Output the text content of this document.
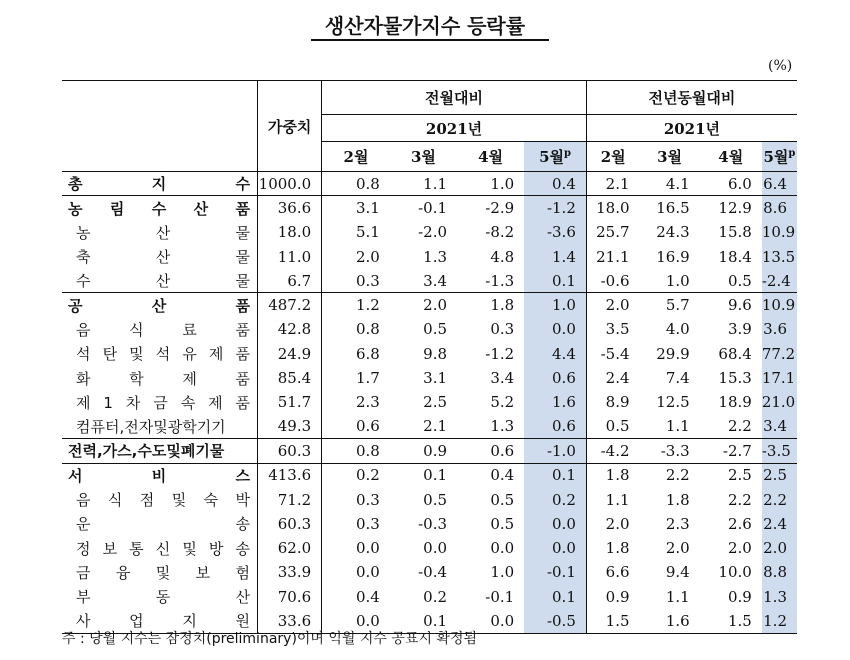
생산자물가지수 등락률
(%)
	가중치	전월대비				전년동월대비			
		2021년				2021년			
		2월	3월	4월	5월$^p$	2월	3월	4월	5월$^p$

총 지 수	1000.0	0.8	1.1	1.0	0.4	2.1	4.1	6.0	6.4

농 림 수 산 품	36.6	3.1	-0.1	-2.9	-1.2	18.0	16.5	12.9	8.6

농 산 물	18.0	5.1	-2.0	-8.2	-3.6	25.7	24.3	15.8	10.9

축 산 물	11.0	2.0	1.3	4.8	1.4	21.1	16.9	18.4	13.5

수 산 물	6.7	0.3	3.4	-1.3	0.1	-0.6	1.0	0.5	-2.4

공 산 품	487.2	1.2	2.0	1.8	1.0	2.0	5.7	9.6	10.9

음 식 료 품	42.8	0.8	0.5	0.3	0.0	3.5	4.0	3.9	3.6

석 탄 및 석 유 제 품	24.9	6.8	9.8	-1.2	4.4	-5.4	29.9	68.4	77.2

화 학 제 품	85.4	1.7	3.1	3.4	0.6	2.4	7.4	15.3	17.1

제 1 차 금 속 제 품	51.7	2.3	2.5	5.2	1.6	8.9	12.5	18.9	21.0

컴퓨터,전자및광학기기	49.3	0.6	2.1	1.3	0.6	0.5	1.1	2.2	3.4

전력,가스,수도및폐기물	60.3	0.8	0.9	0.6	-1.0	-4.2	-3.3	-2.7	-3.5

서 비 스	413.6	0.2	0.1	0.4	0.1	1.8	2.2	2.5	2.5

음 식 점 및 숙 박	71.2	0.3	0.5	0.5	0.2	1.1	1.8	2.2	2.2

운 송	60.3	0.3	-0.3	0.5	0.0	2.0	2.3	2.6	2.4

정 보 통 신 및 방 송	62.0	0.0	0.0	0.0	0.0	1.8	2.0	2.0	2.0

금 융 및 보 험	33.9	0.0	-0.4	1.0	-0.1	6.6	9.4	10.0	8.8

부 동 산	70.6	0.4	0.2	-0.1	0.1	0.9	1.1	0.9	1.3

사 업 지 원	33.6	0.0	0.1	0.0	-0.5	1.5	1.6	1.5	1.2
주 : 당월 지수는 잠정치(preliminary)이며 익월 지수 공표시 확정됨
